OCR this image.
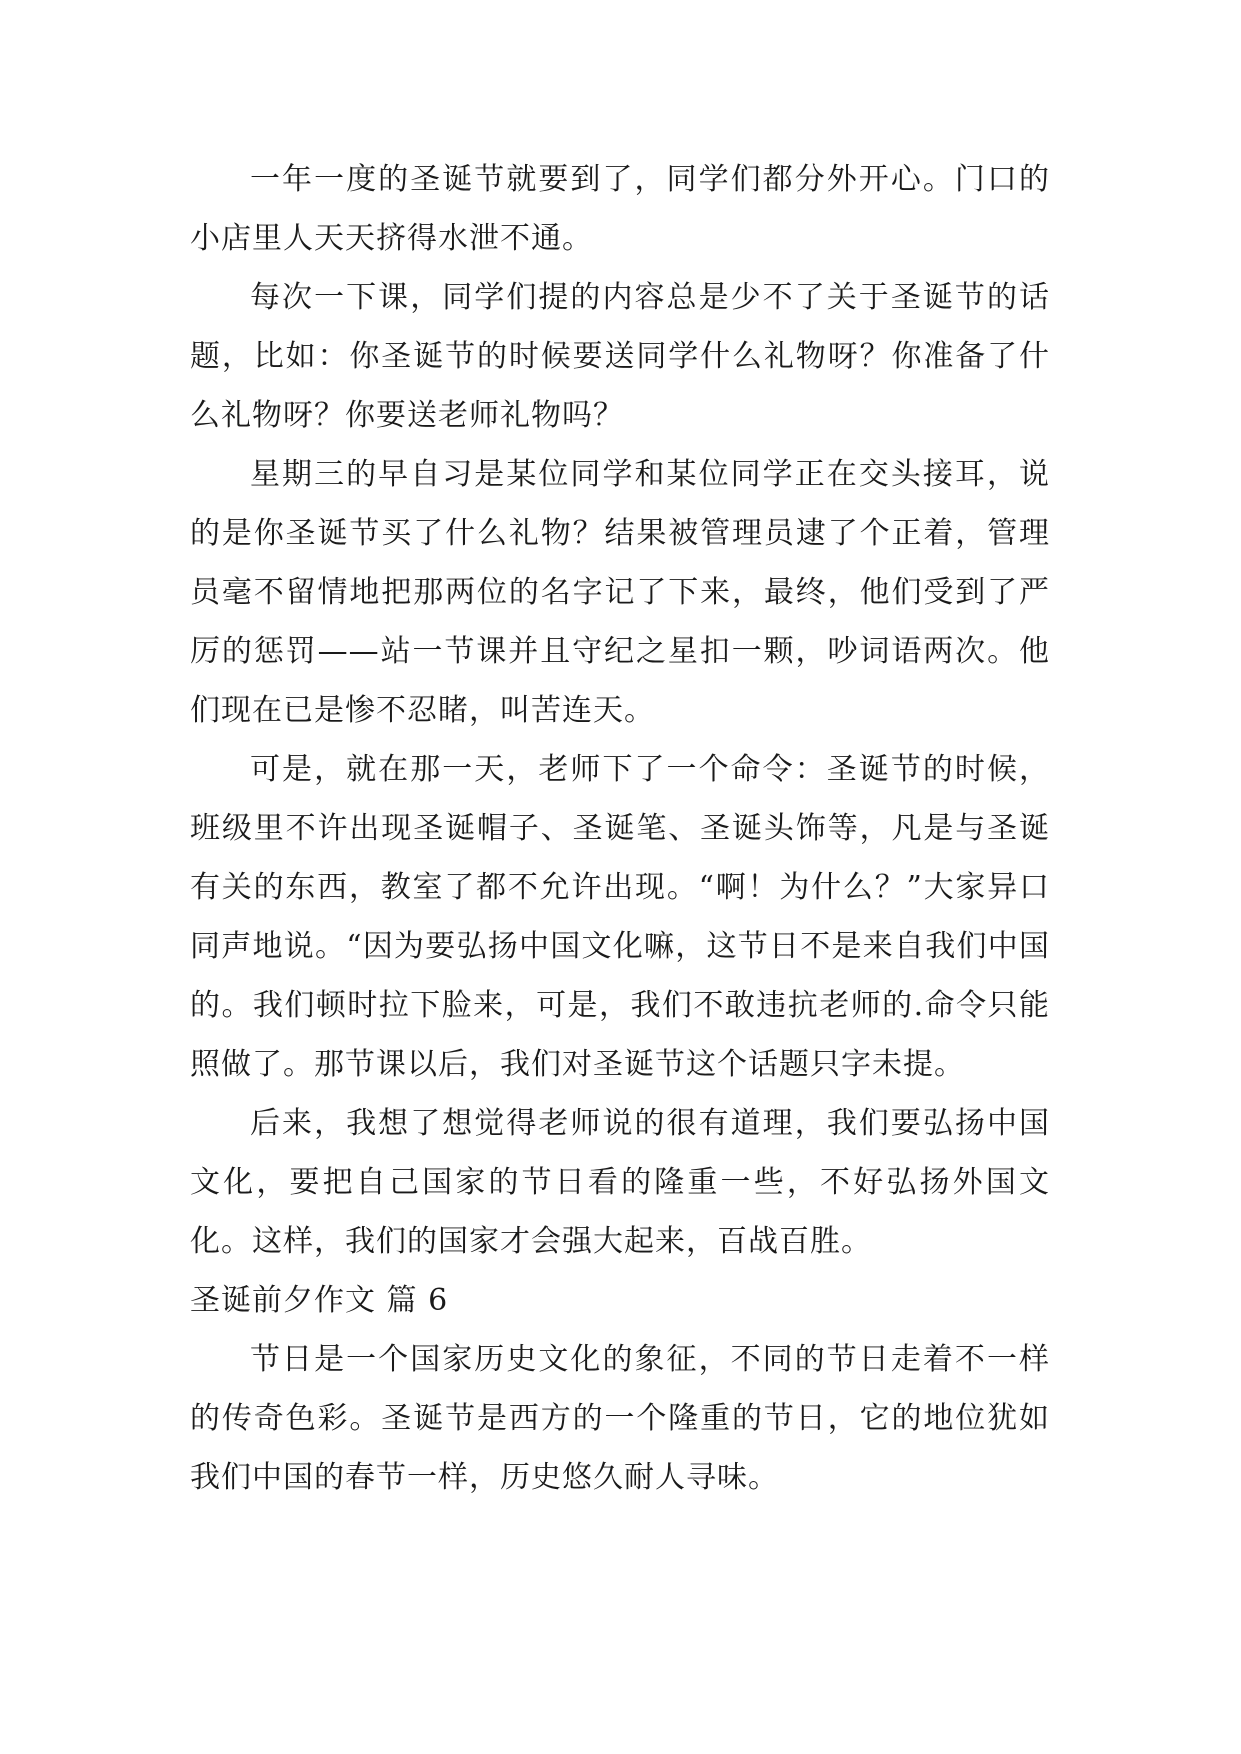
一年一度的圣诞节就要到了，同学们都分外开心。门口的小店里人天天挤得水泄不通。

每次一下课，同学们提的内容总是少不了关于圣诞节的话题，比如：你圣诞节的时候要送同学什么礼物呀？你准备了什么礼物呀？你要送老师礼物吗？

星期三的早自习是某位同学和某位同学正在交头接耳，说的是你圣诞节买了什么礼物？结果被管理员逮了个正着，管理员毫不留情地把那两位的名字记了下来，最终，他们受到了严厉的惩罚——站一节课并且守纪之星扣一颗，吵词语两次。他们现在已是惨不忍睹，叫苦连天。

可是，就在那一天，老师下了一个命令：圣诞节的时候，班级里不许出现圣诞帽子、圣诞笔、圣诞头饰等，凡是与圣诞有关的东西，教室了都不允许出现。“啊！为什么？”大家异口同声地说。“因为要弘扬中国文化嘛，这节日不是来自我们中国的。我们顿时拉下脸来，可是，我们不敢违抗老师的.命令只能照做了。那节课以后，我们对圣诞节这个话题只字未提。

后来，我想了想觉得老师说的很有道理，我们要弘扬中国文化，要把自己国家的节日看的隆重一些，不好弘扬外国文化。这样，我们的国家才会强大起来，百战百胜。

圣诞前夕作文 篇 6

节日是一个国家历史文化的象征，不同的节日走着不一样的传奇色彩。圣诞节是西方的一个隆重的节日，它的地位犹如我们中国的春节一样，历史悠久耐人寻味。
